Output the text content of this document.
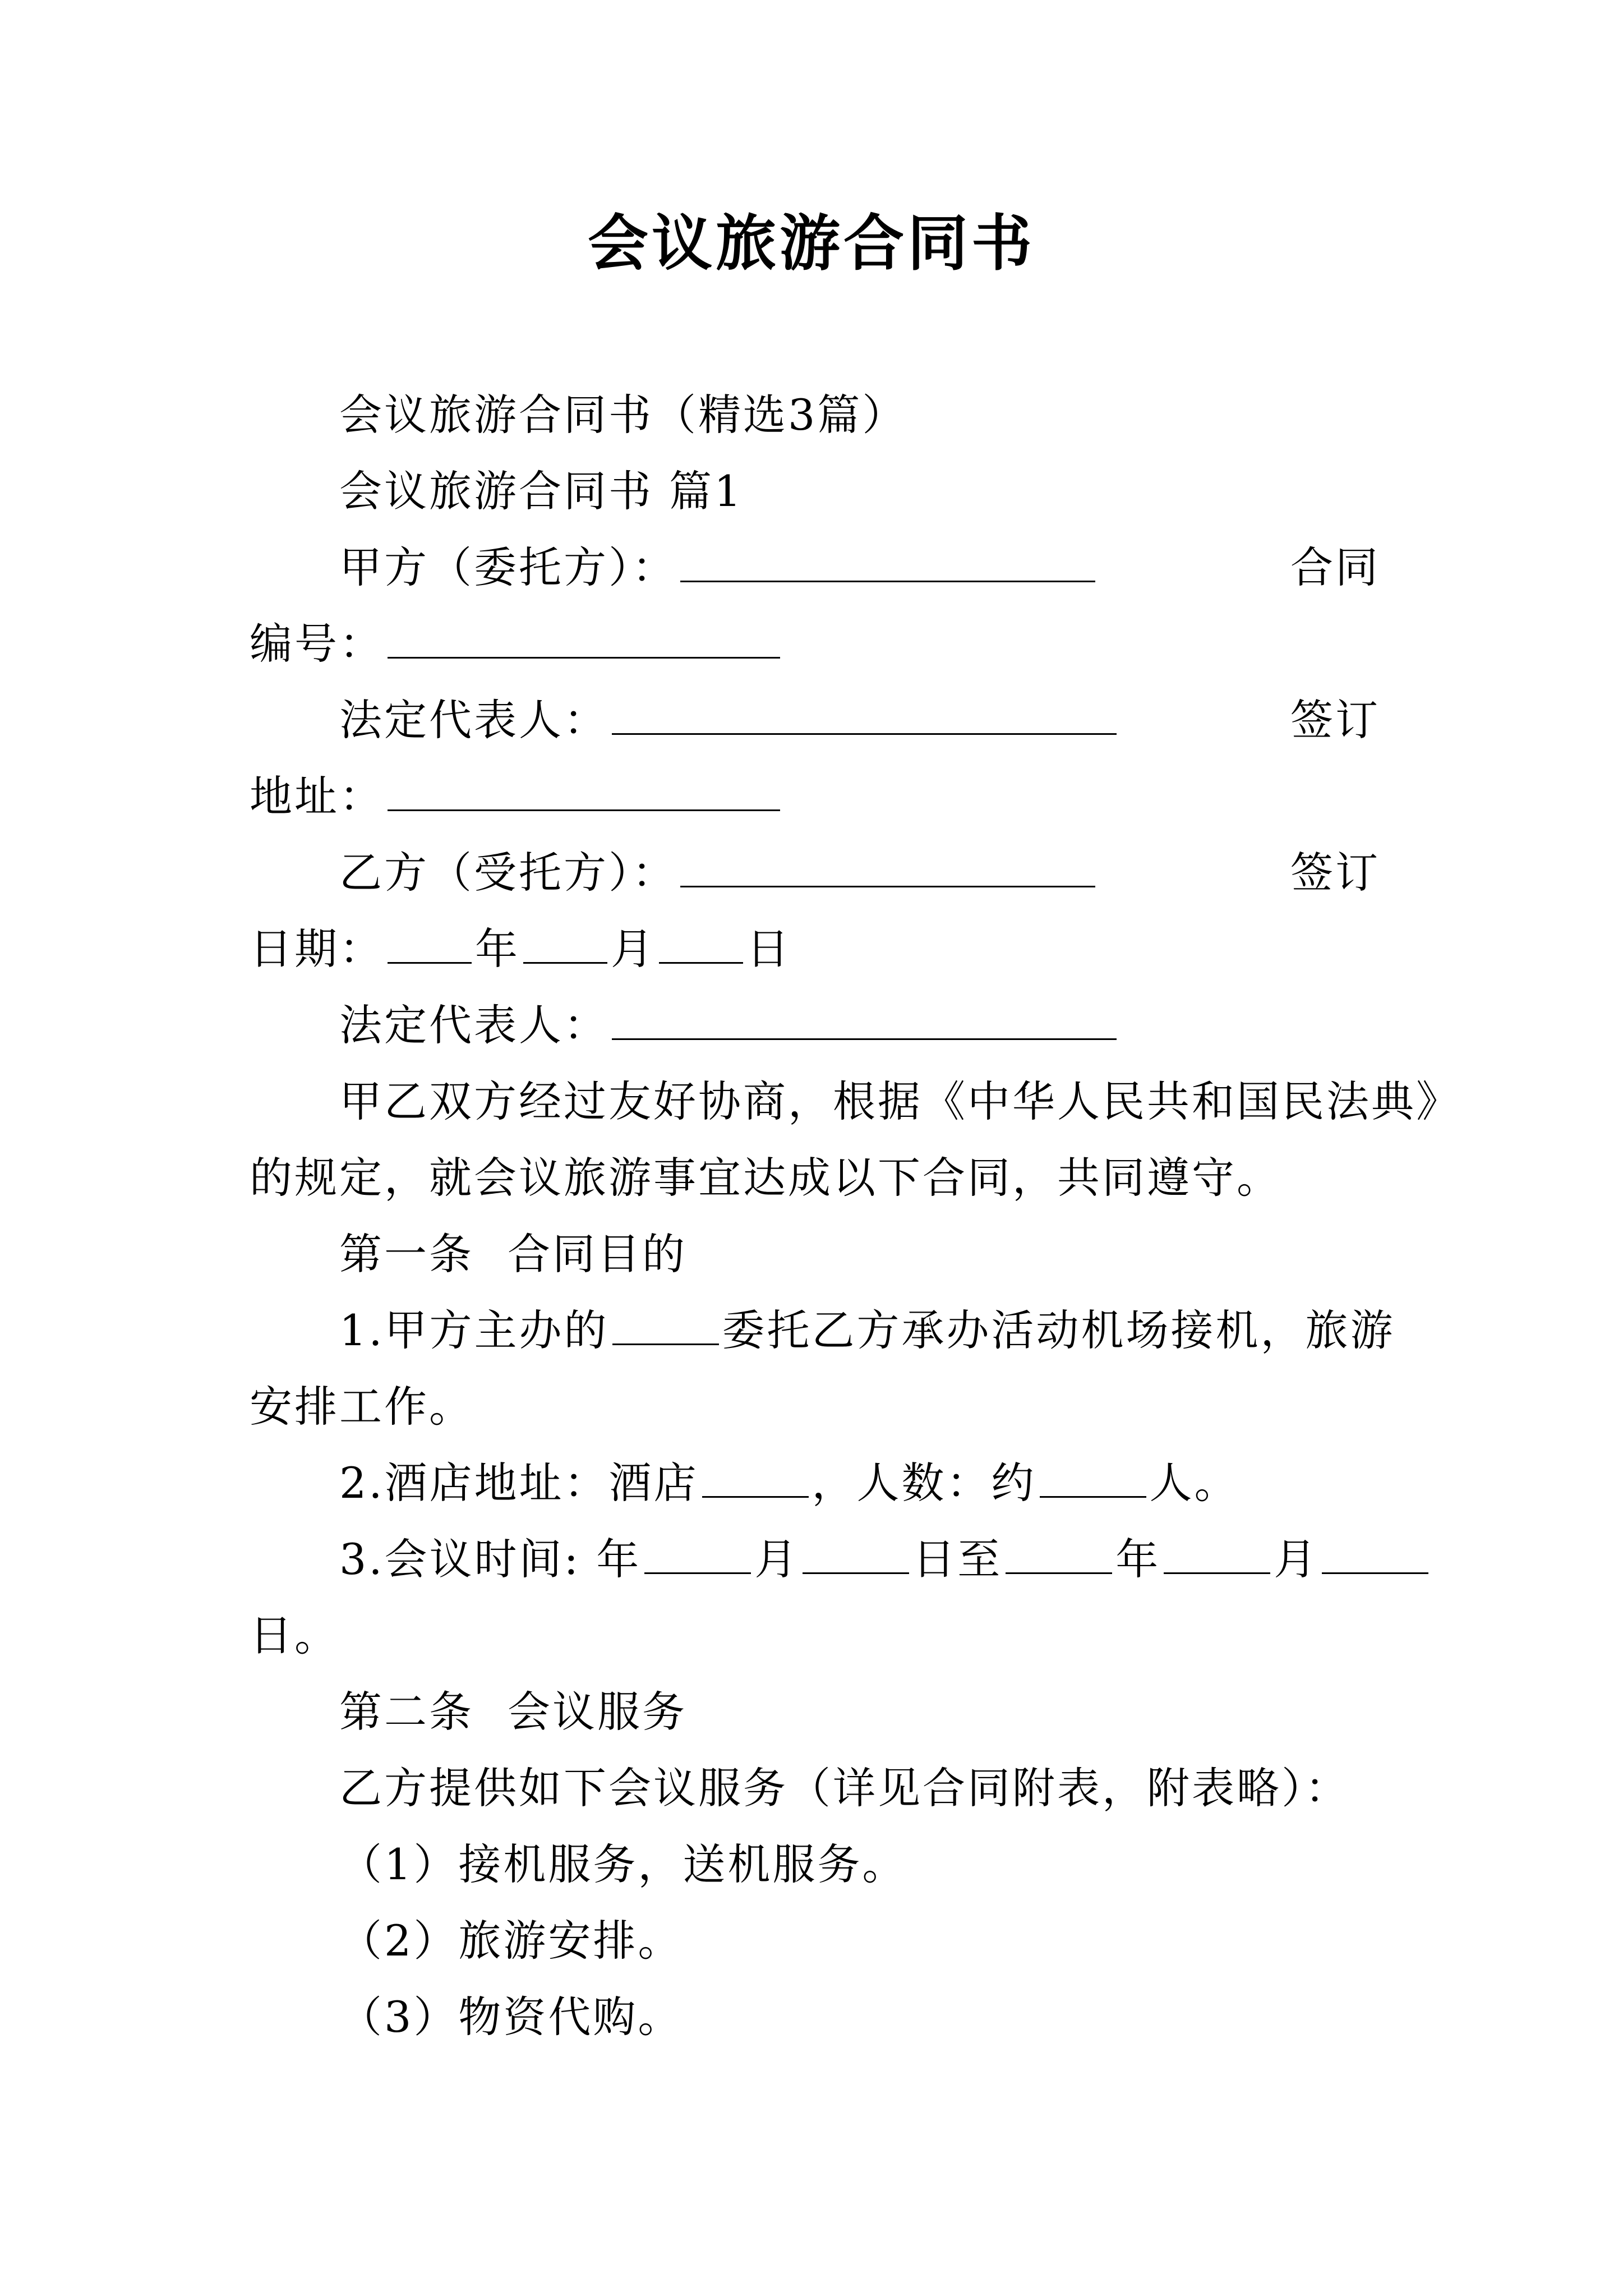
会议旅游合同书
会议旅游合同书（精选3篇）
会议旅游合同书 篇1
甲方（委托方）：	合同
编号：
法定代表人：	签订
地址：
乙方（受托方）：	签订
日期： 年 月 日
法定代表人：
甲乙双方经过友好协商，根据《中华人民共和国民法典》
的规定，就会议旅游事宜达成以下合同，共同遵守。
第一条 合同目的
1.甲方主办的	委托乙方承办活动机场接机，旅游
安排工作。
2.酒店地址：酒店	，人数：约	人。
3.会议时间: 年	月	日至	年	月
日。
第二条 会议服务
乙方提供如下会议服务（详见合同附表，附表略）：
（1）接机服务，送机服务。
（2）旅游安排。
（3）物资代购。
